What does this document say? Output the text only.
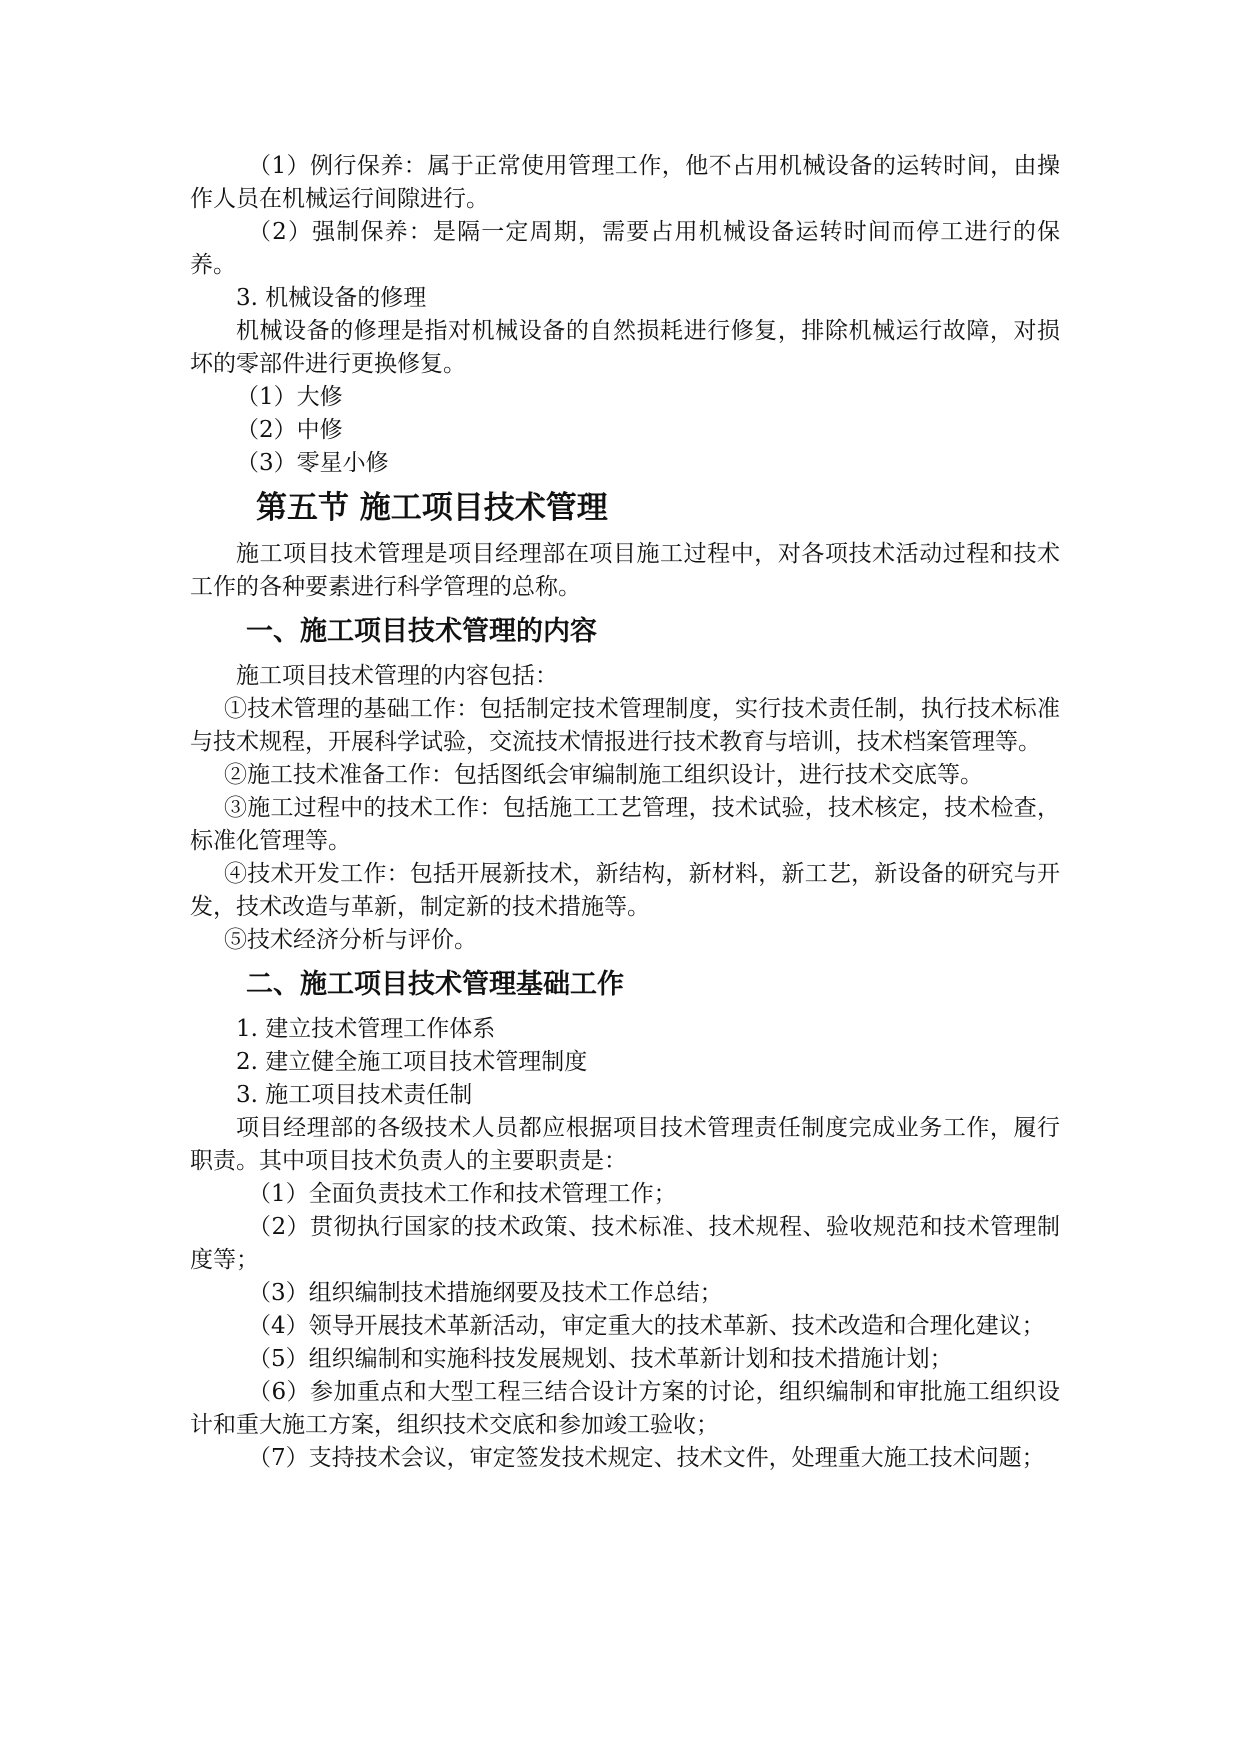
（1）例行保养：属于正常使用管理工作，他不占用机械设备的运转时间，由操作人员在机械运行间隙进行。

（2）强制保养：是隔一定周期，需要占用机械设备运转时间而停工进行的保养。

3. 机械设备的修理

机械设备的修理是指对机械设备的自然损耗进行修复，排除机械运行故障，对损坏的零部件进行更换修复。

（1）大修

（2）中修

（3）零星小修

第五节 施工项目技术管理

施工项目技术管理是项目经理部在项目施工过程中，对各项技术活动过程和技术工作的各种要素进行科学管理的总称。

一、施工项目技术管理的内容

施工项目技术管理的内容包括：

①技术管理的基础工作：包括制定技术管理制度，实行技术责任制，执行技术标准与技术规程，开展科学试验，交流技术情报进行技术教育与培训，技术档案管理等。

②施工技术准备工作：包括图纸会审编制施工组织设计，进行技术交底等。

③施工过程中的技术工作：包括施工工艺管理，技术试验，技术核定，技术检查，标准化管理等。

④技术开发工作：包括开展新技术，新结构，新材料，新工艺，新设备的研究与开发，技术改造与革新，制定新的技术措施等。

⑤技术经济分析与评价。

二、施工项目技术管理基础工作

1. 建立技术管理工作体系

2. 建立健全施工项目技术管理制度

3. 施工项目技术责任制

项目经理部的各级技术人员都应根据项目技术管理责任制度完成业务工作，履行职责。其中项目技术负责人的主要职责是：

（1）全面负责技术工作和技术管理工作；

（2）贯彻执行国家的技术政策、技术标准、技术规程、验收规范和技术管理制度等；

（3）组织编制技术措施纲要及技术工作总结；

（4）领导开展技术革新活动，审定重大的技术革新、技术改造和合理化建议；

（5）组织编制和实施科技发展规划、技术革新计划和技术措施计划；

（6）参加重点和大型工程三结合设计方案的讨论，组织编制和审批施工组织设计和重大施工方案，组织技术交底和参加竣工验收；

（7）支持技术会议，审定签发技术规定、技术文件，处理重大施工技术问题；
